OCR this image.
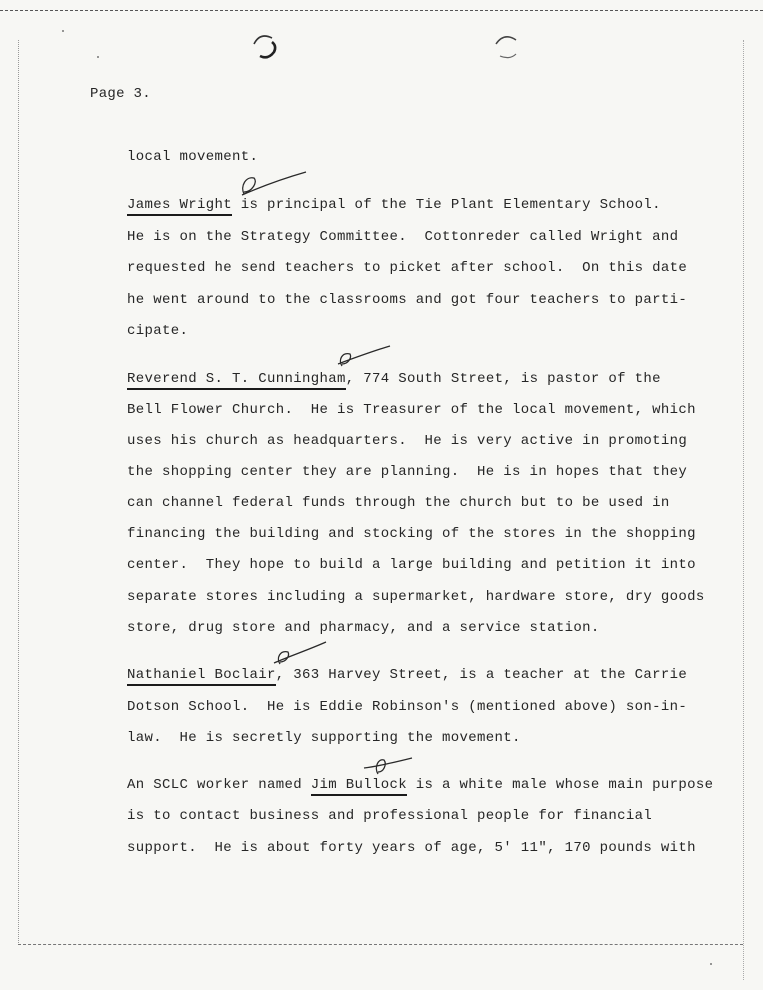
Page 3.
local movement.
James Wright is principal of the Tie Plant Elementary School.
He is on the Strategy Committee.  Cottonreder called Wright and
requested he send teachers to picket after school.  On this date
he went around to the classrooms and got four teachers to parti-
cipate.
Reverend S. T. Cunningham, 774 South Street, is pastor of the
Bell Flower Church.  He is Treasurer of the local movement, which
uses his church as headquarters.  He is very active in promoting
the shopping center they are planning.  He is in hopes that they
can channel federal funds through the church but to be used in
financing the building and stocking of the stores in the shopping
center.  They hope to build a large building and petition it into
separate stores including a supermarket, hardware store, dry goods
store, drug store and pharmacy, and a service station.
Nathaniel Boclair, 363 Harvey Street, is a teacher at the Carrie
Dotson School.  He is Eddie Robinson's (mentioned above) son-in-
law.  He is secretly supporting the movement.
An SCLC worker named Jim Bullock is a white male whose main purpose
is to contact business and professional people for financial
support.  He is about forty years of age, 5' 11", 170 pounds with
